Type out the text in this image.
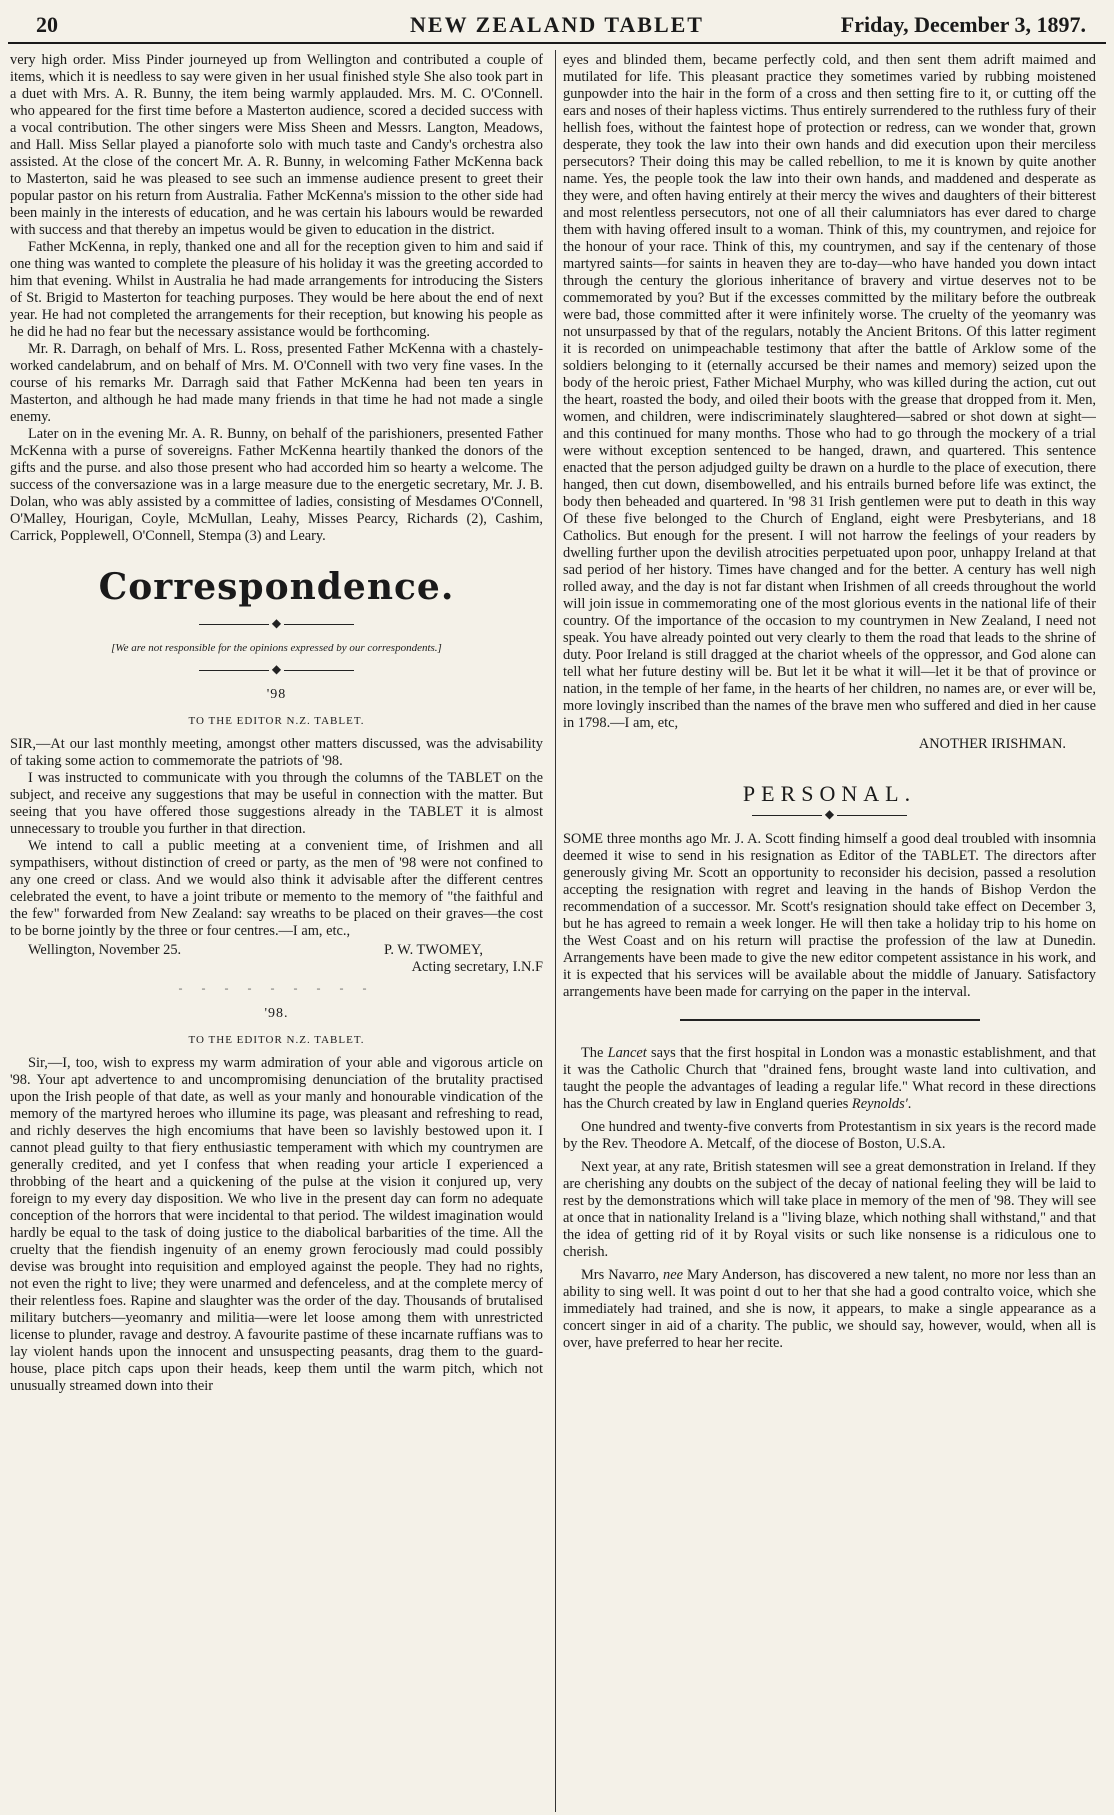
20	NEW ZEALAND TABLET	Friday, December 3, 1897.

very high order. Miss Pinder journeyed up from Wellington and contributed a couple of items, which it is needless to say were given in her usual finished style She also took part in a duet with Mrs. A. R. Bunny, the item being warmly applauded. Mrs. M. C. O'Connell. who appeared for the first time before a Masterton audience, scored a decided success with a vocal contribution. The other singers were Miss Sheen and Messrs. Langton, Meadows, and Hall. Miss Sellar played a pianoforte solo with much taste and Candy's orchestra also assisted. At the close of the concert Mr. A. R. Bunny, in welcoming Father McKenna back to Masterton, said he was pleased to see such an immense audience present to greet their popular pastor on his return from Australia. Father McKenna's mission to the other side had been mainly in the interests of education, and he was certain his labours would be rewarded with success and that thereby an impetus would be given to education in the district.

Father McKenna, in reply, thanked one and all for the reception given to him and said if one thing was wanted to complete the pleasure of his holiday it was the greeting accorded to him that evening. Whilst in Australia he had made arrangements for introducing the Sisters of St. Brigid to Masterton for teaching purposes. They would be here about the end of next year. He had not completed the arrangements for their reception, but knowing his people as he did he had no fear but the necessary assistance would be forthcoming.

Mr. R. Darragh, on behalf of Mrs. L. Ross, presented Father McKenna with a chastely-worked candelabrum, and on behalf of Mrs. M. O'Connell with two very fine vases. In the course of his remarks Mr. Darragh said that Father McKenna had been ten years in Masterton, and although he had made many friends in that time he had not made a single enemy.

Later on in the evening Mr. A. R. Bunny, on behalf of the parishioners, presented Father McKenna with a purse of sovereigns. Father McKenna heartily thanked the donors of the gifts and the purse. and also those present who had accorded him so hearty a welcome. The success of the conversazione was in a large measure due to the energetic secretary, Mr. J. B. Dolan, who was ably assisted by a committee of ladies, consisting of Mesdames O'Connell, O'Malley, Hourigan, Coyle, McMullan, Leahy, Misses Pearcy, Richards (2), Cashim, Carrick, Popplewell, O'Connell, Stempa (3) and Leary.

Correspondence.
◆
[We are not responsible for the opinions expressed by our correspondents.]
◆
'98
TO THE EDITOR N.Z. TABLET.

SIR,—At our last monthly meeting, amongst other matters discussed, was the advisability of taking some action to commemorate the patriots of '98.

I was instructed to communicate with you through the columns of the TABLET on the subject, and receive any suggestions that may be useful in connection with the matter. But seeing that you have offered those suggestions already in the TABLET it is almost unnecessary to trouble you further in that direction.

We intend to call a public meeting at a convenient time, of Irishmen and all sympathisers, without distinction of creed or party, as the men of '98 were not confined to any one creed or class. And we would also think it advisable after the different centres celebrated the event, to have a joint tribute or memento to the memory of "the faithful and the few" forwarded from New Zealand: say wreaths to be placed on their graves—the cost to be borne jointly by the three or four centres.—I am, etc.,

Wellington, November 25.	P. W. TWOMEY,
Acting secretary, I.N.F
- - - - - - - - -
'98.
TO THE EDITOR N.Z. TABLET.

Sir,—I, too, wish to express my warm admiration of your able and vigorous article on '98. Your apt advertence to and uncompromising denunciation of the brutality practised upon the Irish people of that date, as well as your manly and honourable vindication of the memory of the martyred heroes who illumine its page, was pleasant and refreshing to read, and richly deserves the high encomiums that have been so lavishly bestowed upon it. I cannot plead guilty to that fiery enthusiastic temperament with which my countrymen are generally credited, and yet I confess that when reading your article I experienced a throbbing of the heart and a quickening of the pulse at the vision it conjured up, very foreign to my every day disposition. We who live in the present day can form no adequate conception of the horrors that were incidental to that period. The wildest imagination would hardly be equal to the task of doing justice to the diabolical barbarities of the time. All the cruelty that the fiendish ingenuity of an enemy grown ferociously mad could possibly devise was brought into requisition and employed against the people. They had no rights, not even the right to live; they were unarmed and defenceless, and at the complete mercy of their relentless foes. Rapine and slaughter was the order of the day. Thousands of brutalised military butchers—yeomanry and militia—were let loose among them with unrestricted license to plunder, ravage and destroy. A favourite pastime of these incarnate ruffians was to lay violent hands upon the innocent and unsuspecting peasants, drag them to the guard-house, place pitch caps upon their heads, keep them until the warm pitch, which not unusually streamed down into their

eyes and blinded them, became perfectly cold, and then sent them adrift maimed and mutilated for life. This pleasant practice they sometimes varied by rubbing moistened gunpowder into the hair in the form of a cross and then setting fire to it, or cutting off the ears and noses of their hapless victims. Thus entirely surrendered to the ruthless fury of their hellish foes, without the faintest hope of protection or redress, can we wonder that, grown desperate, they took the law into their own hands and did execution upon their merciless persecutors? Their doing this may be called rebellion, to me it is known by quite another name. Yes, the people took the law into their own hands, and maddened and desperate as they were, and often having entirely at their mercy the wives and daughters of their bitterest and most relentless persecutors, not one of all their calumniators has ever dared to charge them with having offered insult to a woman. Think of this, my countrymen, and rejoice for the honour of your race. Think of this, my countrymen, and say if the centenary of those martyred saints—for saints in heaven they are to-day—who have handed you down intact through the century the glorious inheritance of bravery and virtue deserves not to be commemorated by you? But if the excesses committed by the military before the outbreak were bad, those committed after it were infinitely worse. The cruelty of the yeomanry was not unsurpassed by that of the regulars, notably the Ancient Britons. Of this latter regiment it is recorded on unimpeachable testimony that after the battle of Arklow some of the soldiers belonging to it (eternally accursed be their names and memory) seized upon the body of the heroic priest, Father Michael Murphy, who was killed during the action, cut out the heart, roasted the body, and oiled their boots with the grease that dropped from it. Men, women, and children, were indiscriminately slaughtered—sabred or shot down at sight—and this continued for many months. Those who had to go through the mockery of a trial were without exception sentenced to be hanged, drawn, and quartered. This sentence enacted that the person adjudged guilty be drawn on a hurdle to the place of execution, there hanged, then cut down, disembowelled, and his entrails burned before life was extinct, the body then beheaded and quartered. In '98 31 Irish gentlemen were put to death in this way Of these five belonged to the Church of England, eight were Presbyterians, and 18 Catholics. But enough for the present. I will not harrow the feelings of your readers by dwelling further upon the devilish atrocities perpetuated upon poor, unhappy Ireland at that sad period of her history. Times have changed and for the better. A century has well nigh rolled away, and the day is not far distant when Irishmen of all creeds throughout the world will join issue in commemorating one of the most glorious events in the national life of their country. Of the importance of the occasion to my countrymen in New Zealand, I need not speak. You have already pointed out very clearly to them the road that leads to the shrine of duty. Poor Ireland is still dragged at the chariot wheels of the oppressor, and God alone can tell what her future destiny will be. But let it be what it will—let it be that of province or nation, in the temple of her fame, in the hearts of her children, no names are, or ever will be, more lovingly inscribed than the names of the brave men who suffered and died in her cause in 1798.—I am, etc,

ANOTHER IRISHMAN.
PERSONAL.
◆

SOME three months ago Mr. J. A. Scott finding himself a good deal troubled with insomnia deemed it wise to send in his resignation as Editor of the TABLET. The directors after generously giving Mr. Scott an opportunity to reconsider his decision, passed a resolution accepting the resignation with regret and leaving in the hands of Bishop Verdon the recommendation of a successor. Mr. Scott's resignation should take effect on December 3, but he has agreed to remain a week longer. He will then take a holiday trip to his home on the West Coast and on his return will practise the profession of the law at Dunedin. Arrangements have been made to give the new editor competent assistance in his work, and it is expected that his services will be available about the middle of January. Satisfactory arrangements have been made for carrying on the paper in the interval.

The Lancet says that the first hospital in London was a monastic establishment, and that it was the Catholic Church that "drained fens, brought waste land into cultivation, and taught the people the advantages of leading a regular life." What record in these directions has the Church created by law in England queries Reynolds'.

One hundred and twenty-five converts from Protestantism in six years is the record made by the Rev. Theodore A. Metcalf, of the diocese of Boston, U.S.A.

Next year, at any rate, British statesmen will see a great demonstration in Ireland. If they are cherishing any doubts on the subject of the decay of national feeling they will be laid to rest by the demonstrations which will take place in memory of the men of '98. They will see at once that in nationality Ireland is a "living blaze, which nothing shall withstand," and that the idea of getting rid of it by Royal visits or such like nonsense is a ridiculous one to cherish.

Mrs Navarro, nee Mary Anderson, has discovered a new talent, no more nor less than an ability to sing well. It was point d out to her that she had a good contralto voice, which she immediately had trained, and she is now, it appears, to make a single appearance as a concert singer in aid of a charity. The public, we should say, however, would, when all is over, have preferred to hear her recite.
